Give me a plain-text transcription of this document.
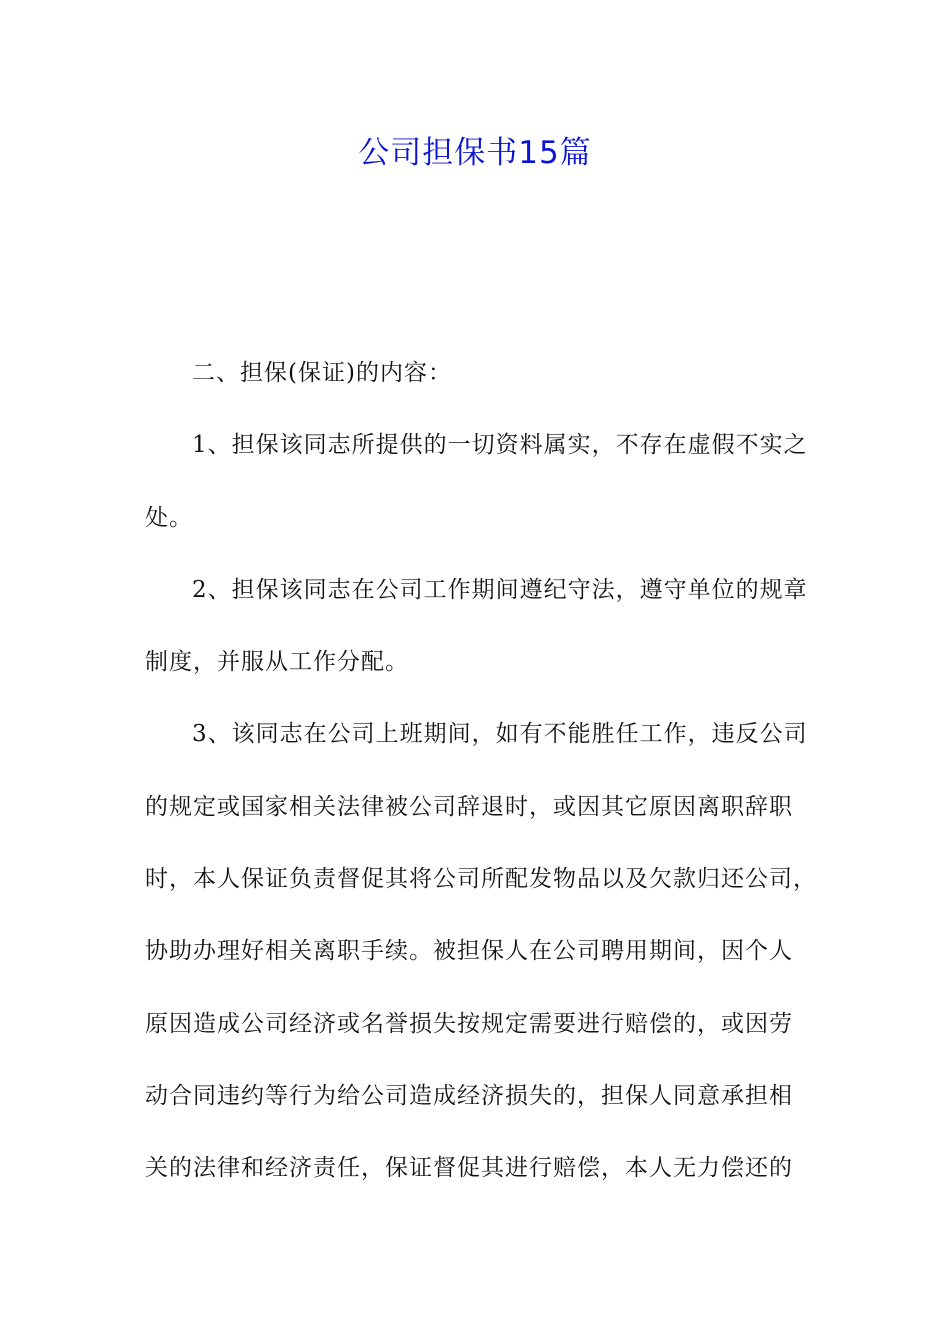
公司担保书15篇
二、担保(保证)的内容：
1、担保该同志所提供的一切资料属实，不存在虚假不实之
处。
2、担保该同志在公司工作期间遵纪守法，遵守单位的规章
制度，并服从工作分配。
3、该同志在公司上班期间，如有不能胜任工作，违反公司
的规定或国家相关法律被公司辞退时，或因其它原因离职辞职
时，本人保证负责督促其将公司所配发物品以及欠款归还公司，
协助办理好相关离职手续。被担保人在公司聘用期间，因个人
原因造成公司经济或名誉损失按规定需要进行赔偿的，或因劳
动合同违约等行为给公司造成经济损失的，担保人同意承担相
关的法律和经济责任，保证督促其进行赔偿，本人无力偿还的
